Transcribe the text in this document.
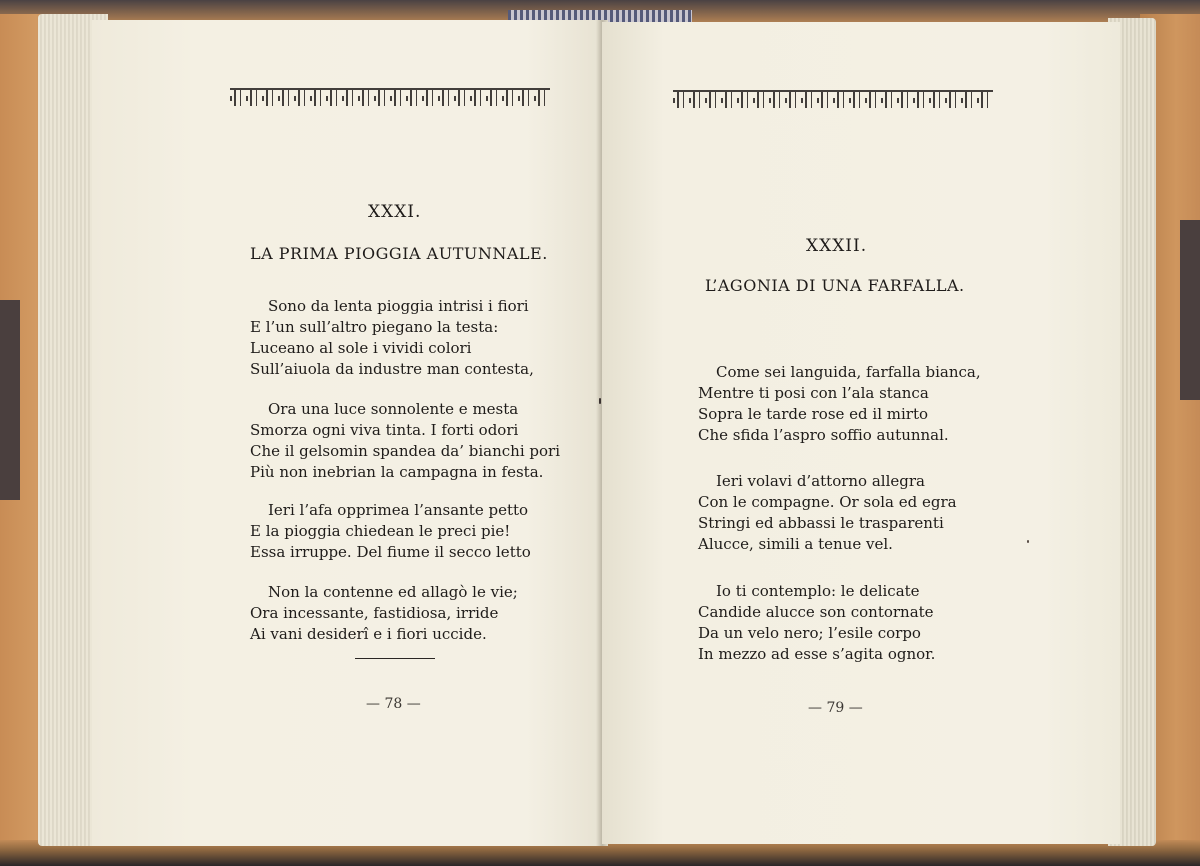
XXXI.
LA PRIMA PIOGGIA AUTUNNALE.
Sono da lenta pioggia intrisi i fiori
E l’un sull’altro piegano la testa:
Luceano al sole i vividi colori
Sull’aiuola da industre man contesta,
Ora una luce sonnolente e mesta
Smorza ogni viva tinta. I forti odori
Che il gelsomin spandea da’ bianchi pori
Più non inebrian la campagna in festa.
Ieri l’afa opprimea l’ansante petto
E la pioggia chiedean le preci pie!
Essa irruppe. Del fiume il secco letto
Non la contenne ed allagò le vie;
Ora incessante, fastidiosa, irride
Ai vani desiderî e i fiori uccide.
— 78 —
XXXII.
L’AGONIA DI UNA FARFALLA.
Come sei languida, farfalla bianca,
Mentre ti posi con l’ala stanca
Sopra le tarde rose ed il mirto
Che sfida l’aspro soffio autunnal.
Ieri volavi d’attorno allegra
Con le compagne. Or sola ed egra
Stringi ed abbassi le trasparenti
Alucce, simili a tenue vel.
Io ti contemplo: le delicate
Candide alucce son contornate
Da un velo nero; l’esile corpo
In mezzo ad esse s’agita ognor.
— 79 —
